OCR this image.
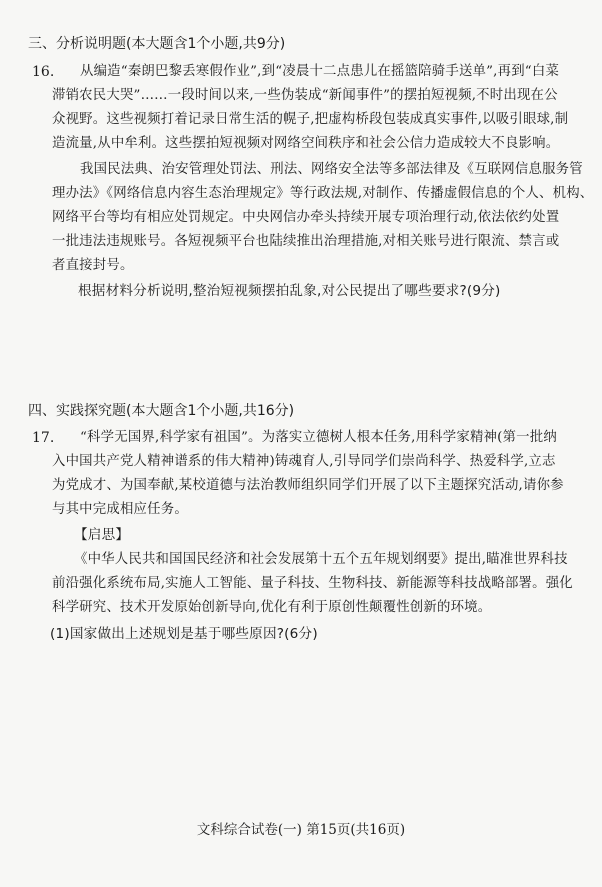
三、分析说明题(本大题含1个小题,共9分)
16. 从编造“秦朗巴黎丢寒假作业”,到“凌晨十二点患儿在摇篮陪骑手送单”,再到“白菜
滞销农民大哭”……一段时间以来,一些伪装成“新闻事件”的摆拍短视频,不时出现在公
众视野。这些视频打着记录日常生活的幌子,把虚构桥段包装成真实事件,以吸引眼球,制
造流量,从中牟利。这些摆拍短视频对网络空间秩序和社会公信力造成较大不良影响。
我国民法典、治安管理处罚法、刑法、网络安全法等多部法律及《互联网信息服务管
理办法》《网络信息内容生态治理规定》等行政法规,对制作、传播虚假信息的个人、机构、
网络平台等均有相应处罚规定。中央网信办牵头持续开展专项治理行动,依法依约处置
一批违法违规账号。各短视频平台也陆续推出治理措施,对相关账号进行限流、禁言或
者直接封号。
根据材料分析说明,整治短视频摆拍乱象,对公民提出了哪些要求?(9分)
四、实践探究题(本大题含1个小题,共16分)
17. “科学无国界,科学家有祖国”。为落实立德树人根本任务,用科学家精神(第一批纳
入中国共产党人精神谱系的伟大精神)铸魂育人,引导同学们崇尚科学、热爱科学,立志
为党成才、为国奉献,某校道德与法治教师组织同学们开展了以下主题探究活动,请你参
与其中完成相应任务。
【启思】
《中华人民共和国国民经济和社会发展第十五个五年规划纲要》提出,瞄准世界科技
前沿强化系统布局,实施人工智能、量子科技、生物科技、新能源等科技战略部署。强化
科学研究、技术开发原始创新导向,优化有利于原创性颠覆性创新的环境。
(1)国家做出上述规划是基于哪些原因?(6分)
文科综合试卷(一) 第15页(共16页)
